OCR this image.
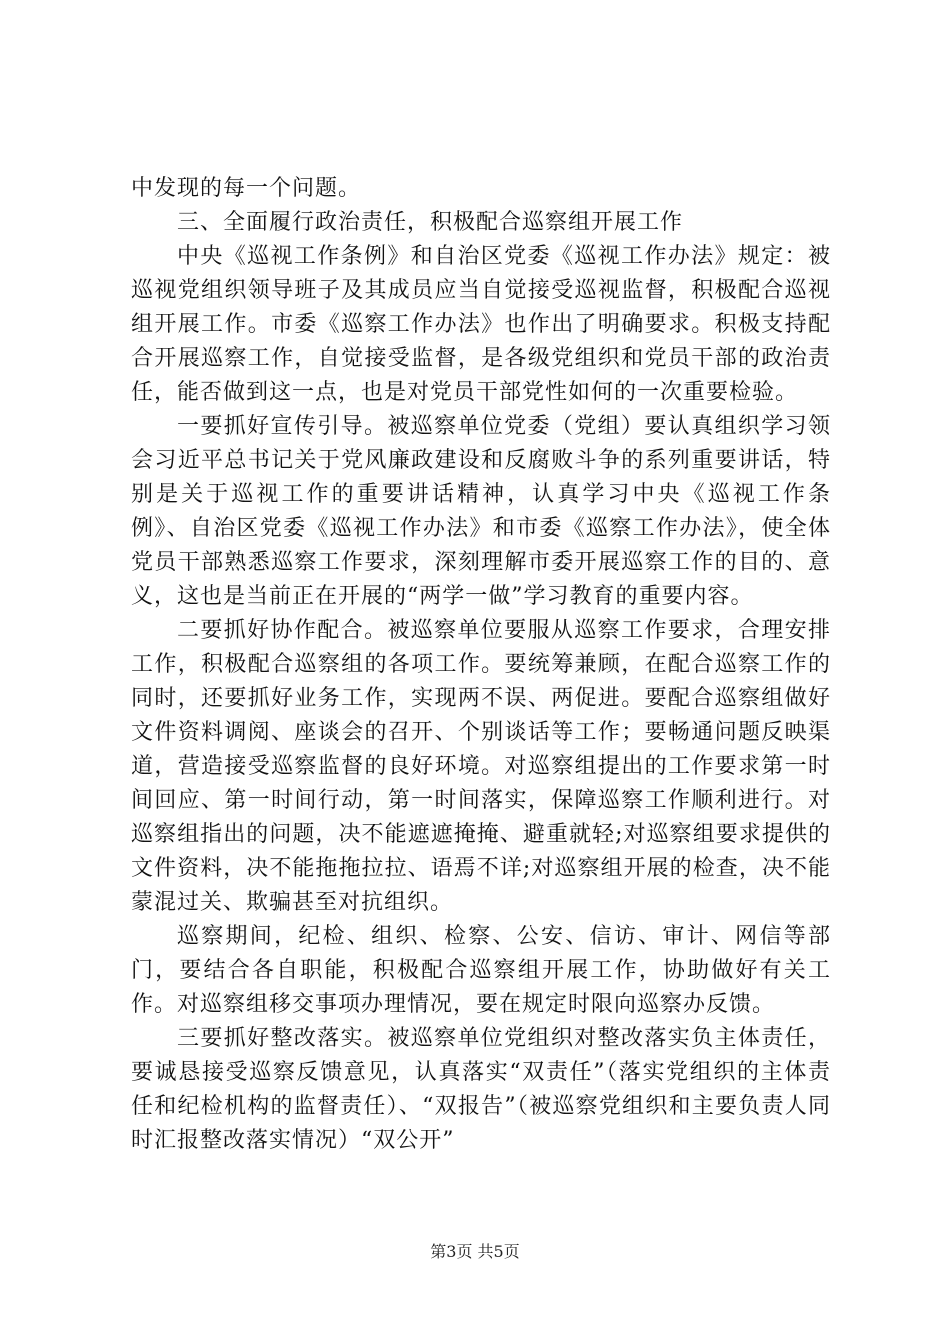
中发现的每一个问题。

三、全面履行政治责任，积极配合巡察组开展工作

中央《巡视工作条例》和自治区党委《巡视工作办法》规定：被巡视党组织领导班子及其成员应当自觉接受巡视监督，积极配合巡视组开展工作。市委《巡察工作办法》也作出了明确要求。积极支持配合开展巡察工作，自觉接受监督，是各级党组织和党员干部的政治责任，能否做到这一点，也是对党员干部党性如何的一次重要检验。

一要抓好宣传引导。被巡察单位党委（党组）要认真组织学习领会习近平总书记关于党风廉政建设和反腐败斗争的系列重要讲话，特别是关于巡视工作的重要讲话精神，认真学习中央《巡视工作条例》、自治区党委《巡视工作办法》和市委《巡察工作办法》，使全体党员干部熟悉巡察工作要求，深刻理解市委开展巡察工作的目的、意义，这也是当前正在开展的“两学一做”学习教育的重要内容。

二要抓好协作配合。被巡察单位要服从巡察工作要求，合理安排工作，积极配合巡察组的各项工作。要统筹兼顾，在配合巡察工作的同时，还要抓好业务工作，实现两不误、两促进。要配合巡察组做好文件资料调阅、座谈会的召开、个别谈话等工作；要畅通问题反映渠道，营造接受巡察监督的良好环境。对巡察组提出的工作要求第一时间回应、第一时间行动，第一时间落实，保障巡察工作顺利进行。对巡察组指出的问题，决不能遮遮掩掩、避重就轻;对巡察组要求提供的文件资料，决不能拖拖拉拉、语焉不详;对巡察组开展的检查，决不能蒙混过关、欺骗甚至对抗组织。

巡察期间，纪检、组织、检察、公安、信访、审计、网信等部门，要结合各自职能，积极配合巡察组开展工作，协助做好有关工作。对巡察组移交事项办理情况，要在规定时限向巡察办反馈。

三要抓好整改落实。被巡察单位党组织对整改落实负主体责任，要诚恳接受巡察反馈意见，认真落实“双责任”（落实党组织的主体责任和纪检机构的监督责任）、“双报告”（被巡察党组织和主要负责人同时汇报整改落实情况）“双公开”

第3页 共5页
